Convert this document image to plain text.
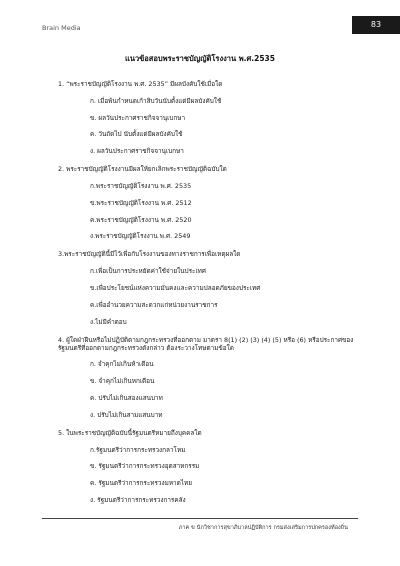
Brain Media	83
แนวข้อสอบพระราชบัญญัติโรงงาน พ.ศ.2535
1. “พระราชบัญญัติโรงงาน พ.ศ. 2535” มีผลบังคับใช้เมื่อใด
ก. เมื่อพ้นกำหนดเก้าสิบวันนับตั้งแต่มีผลบังคับใช้
ข. ผลวันประกาศราชกิจจานุเบกษา
ค. วันถัดไป นับตั้งแต่มีผลบังคับใช้
ง. ผลวันประกาศราชกิจจานุเบกษา
2. พระราชบัญญัติโรงงานมีผลให้ยกเลิกพระราชบัญญัติฉบับใด
ก.พระราชบัญญัติโรงงาน พ.ศ. 2535
ข.พระราชบัญญัติโรงงาน พ.ศ. 2512
ค.พระราชบัญญัติโรงงาน พ.ศ. 2520
ง.พระราชบัญญัติโรงงาน พ.ศ. 2549
3.พระราชบัญญัตินี้มีไว้เพื่อกับโรงงานของทางราชการเพื่อเหตุผลใด
ก.เพื่อเป็นการประหยัดค่าใช้จ่ายในประเทศ
ข.เพื่อประโยชน์แห่งความมั่นคงและความปลอดภัยของประเทศ
ค.เพื่ออำนวยความสะดวกแก่หน่วยงานราชการ
ง.ไม่มีคำตอบ
4. ผู้ใดฝ่าฝืนหรือไม่ปฏิบัติตามกฎกระทรวงที่ออกตาม มาตรา 8(1) (2) (3) (4) (5) หรือ (6) หรือประกาศของรัฐมนตรีที่ออกตามกฎกระทรวงดังกล่าว ต้องระวางโทษตามข้อใด
ก. จำคุกไม่เกินห้าเดือน
ข. จำคุกไม่เกินหกเดือน
ค. ปรับไม่เกินสองแสนบาท
ง. ปรับไม่เกินสามแสนบาท
5. ในพระราชบัญญัติฉบับนี้รัฐมนตรีหมายถึงบุคคลใด
ก.รัฐมนตรีว่าการกระทรวงกลาโหม
ข. รัฐมนตรีว่าการกระทรวงอุตสาหกรรม
ค. รัฐมนตรีว่าการกระทรวงมหาดไทย
ง. รัฐมนตรีว่าการกระทรวงการคลัง
ภาค ข นักวิชาการสุขาภิบาลปฏิบัติการ กรมส่งเสริมการปกครองท้องถิ่น
